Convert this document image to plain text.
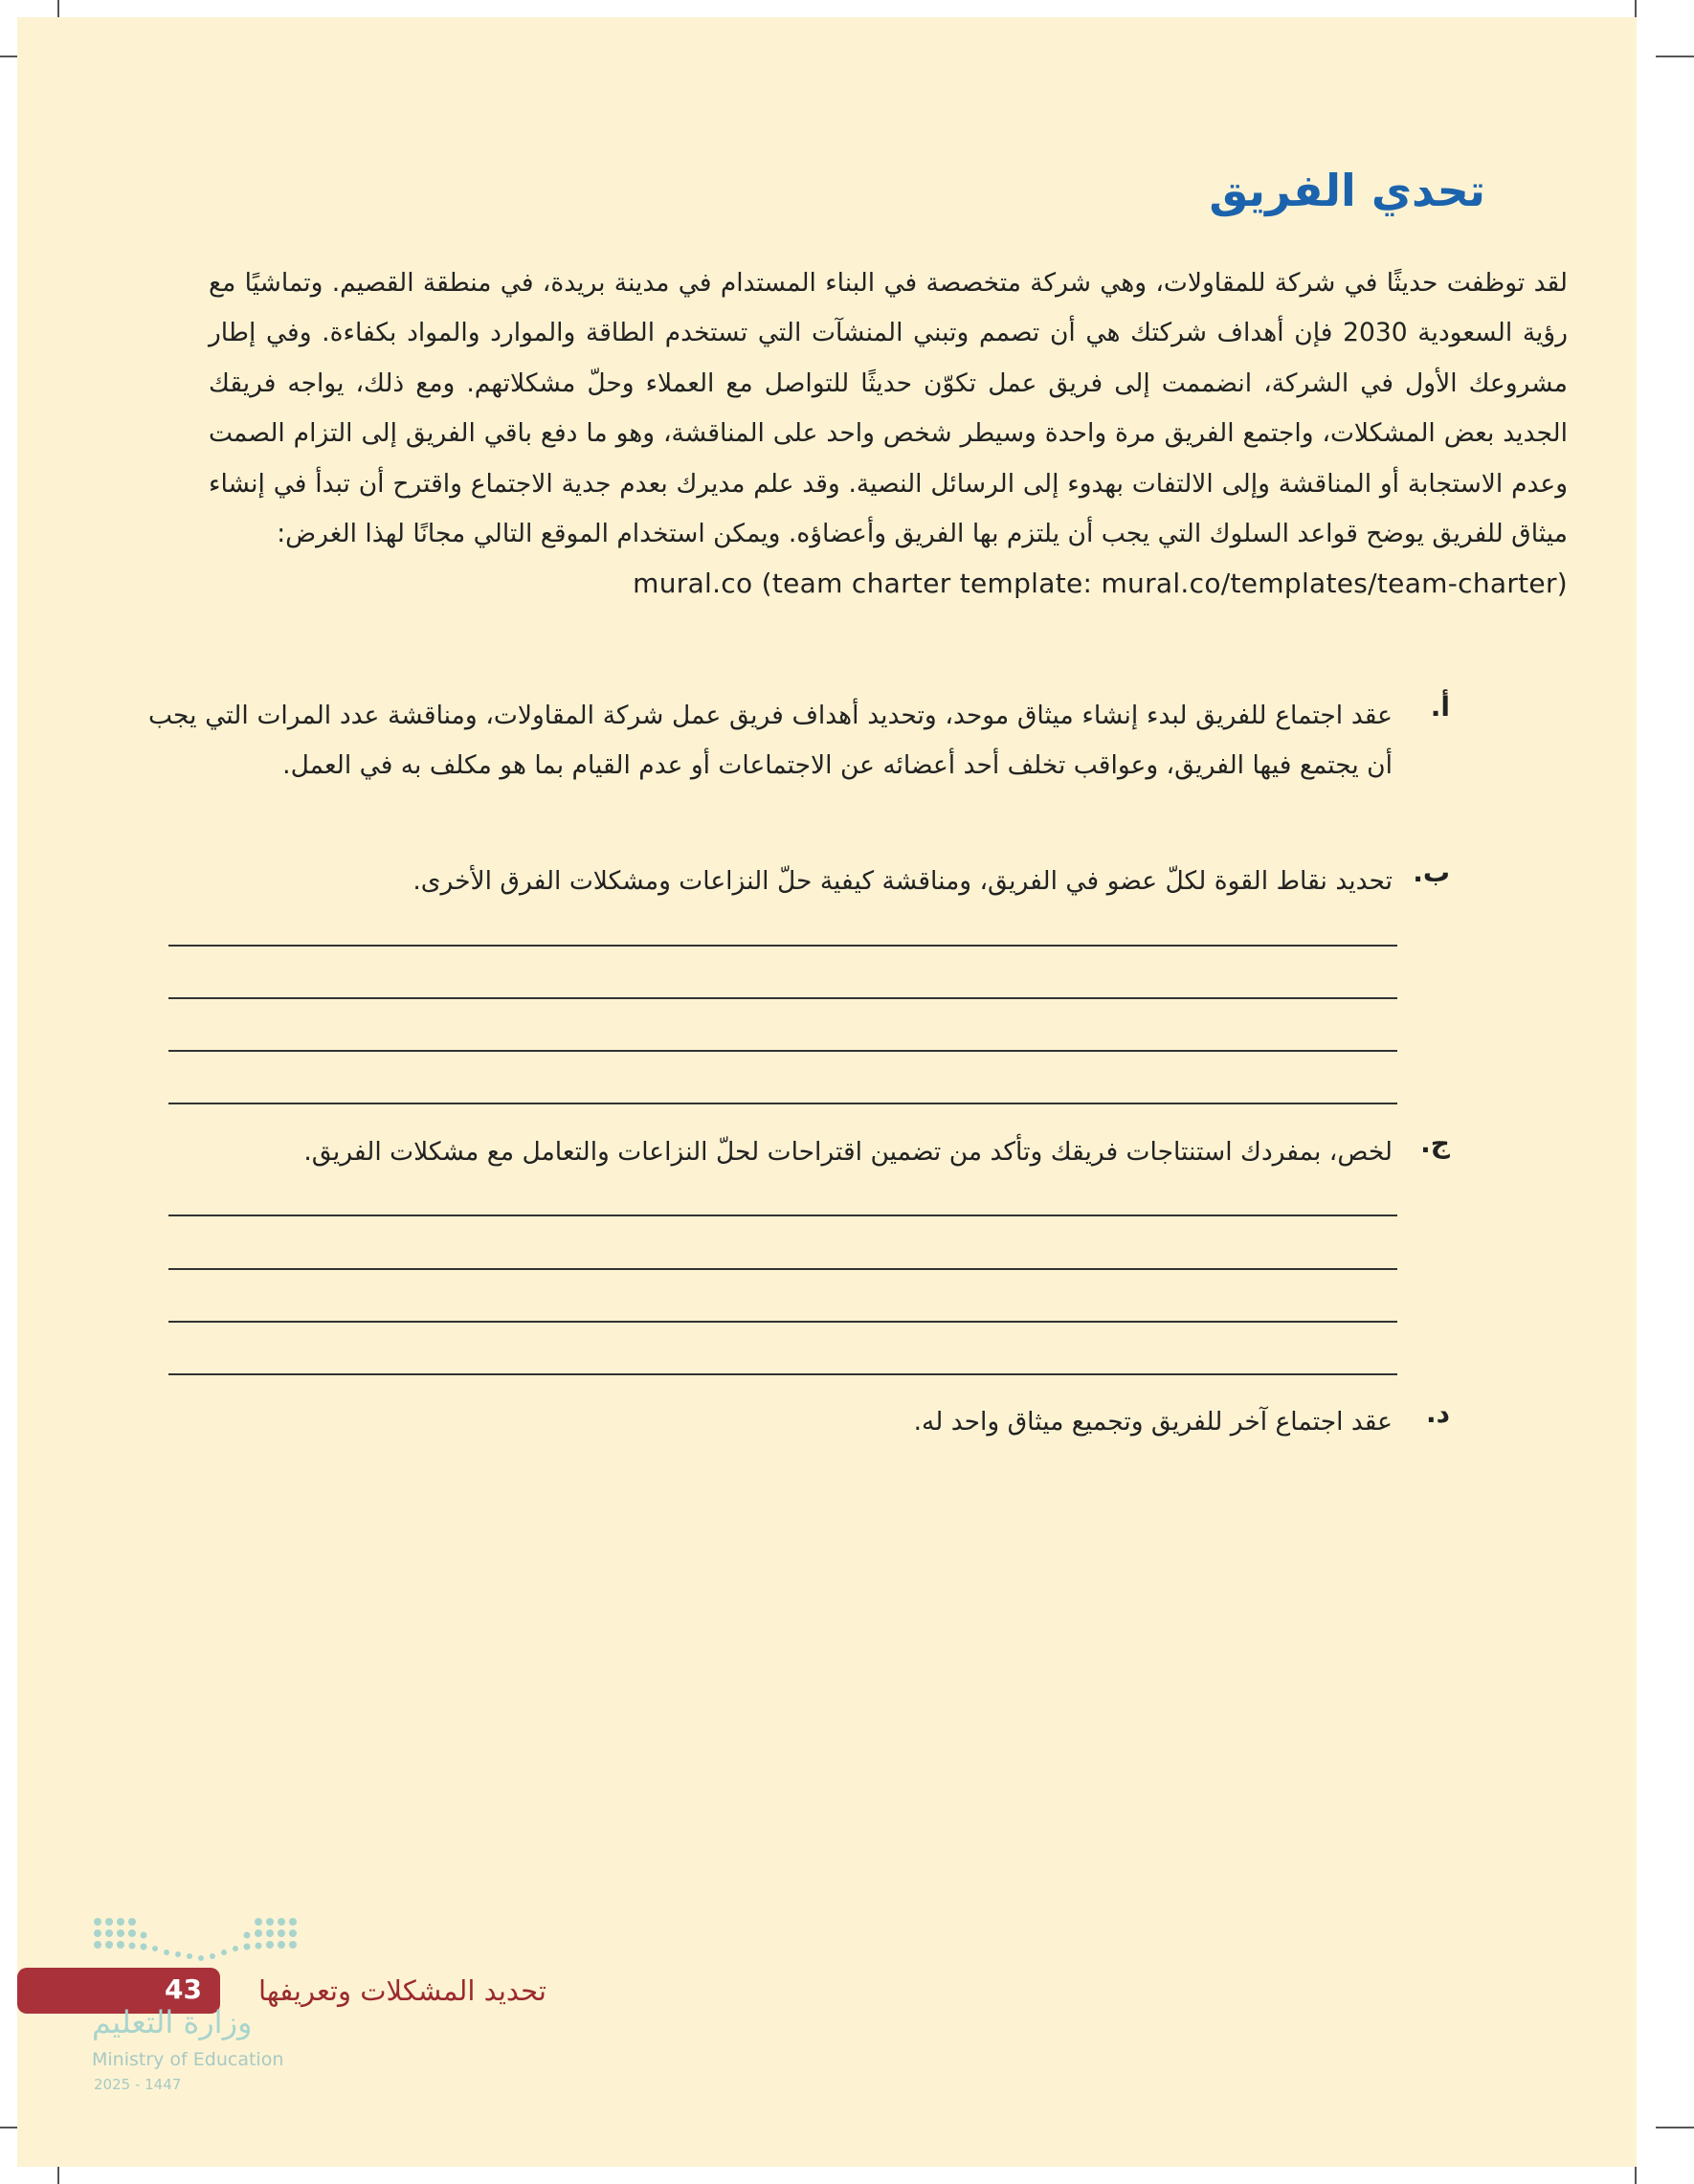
تحدي الفريق

لقد توظفت حديثًا في شركة للمقاولات، وهي شركة متخصصة في البناء المستدام في مدينة بريدة، في منطقة القصيم. وتماشيًا مع رؤية السعودية 2030 فإن أهداف شركتك هي أن تصمم وتبني المنشآت التي تستخدم الطاقة والموارد والمواد بكفاءة. وفي إطار مشروعك الأول في الشركة، انضممت إلى فريق عمل تكوّن حديثًا للتواصل مع العملاء وحلّ مشكلاتهم. ومع ذلك، يواجه فريقك الجديد بعض المشكلات، واجتمع الفريق مرة واحدة وسيطر شخص واحد على المناقشة، وهو ما دفع باقي الفريق إلى التزام الصمت وعدم الاستجابة أو المناقشة وإلى الالتفات بهدوء إلى الرسائل النصية. وقد علم مديرك بعدم جدية الاجتماع واقترح أن تبدأ في إنشاء ميثاق للفريق يوضح قواعد السلوك التي يجب أن يلتزم بها الفريق وأعضاؤه. ويمكن استخدام الموقع التالي مجانًا لهذا الغرض:
mural.co (team charter template: mural.co/templates/team-charter)

أ.
عقد اجتماع للفريق لبدء إنشاء ميثاق موحد، وتحديد أهداف فريق عمل شركة المقاولات، ومناقشة عدد المرات التي يجب أن يجتمع فيها الفريق، وعواقب تخلف أحد أعضائه عن الاجتماعات أو عدم القيام بما هو مكلف به في العمل.
ب.
تحديد نقاط القوة لكلّ عضو في الفريق، ومناقشة كيفية حلّ النزاعات ومشكلات الفرق الأخرى.
ج.
لخص، بمفردك استنتاجات فريقك وتأكد من تضمين اقتراحات لحلّ النزاعات والتعامل مع مشكلات الفريق.
د.
عقد اجتماع آخر للفريق وتجميع ميثاق واحد له.
43 تحديد المشكلات وتعريفها
وزارة التعليم
Ministry of Education
2025 - 1447
